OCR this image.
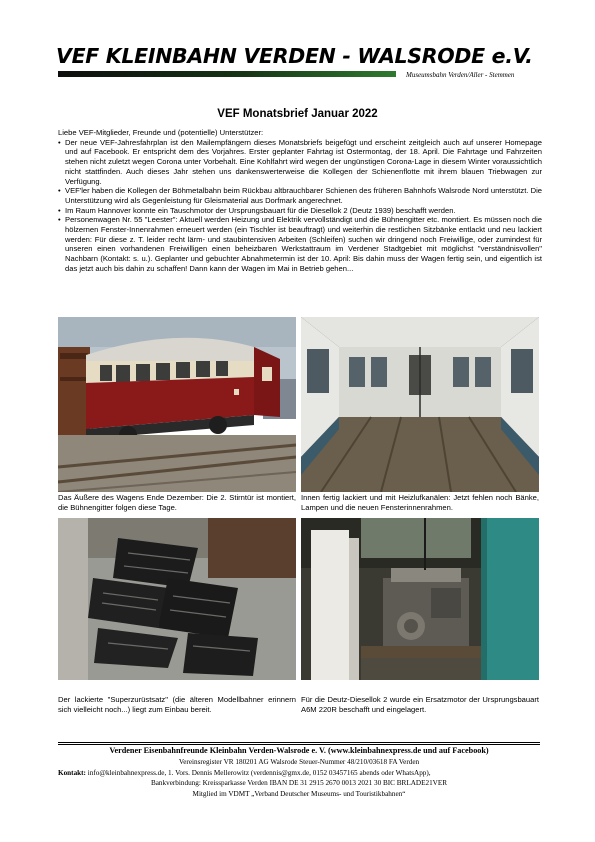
VEF KLEINBAHN VERDEN - WALSRODE e.V.
Museumsbahn Verden/Aller - Stemmen
VEF Monatsbrief Januar 2022

Liebe VEF-Mitglieder, Freunde und (potentielle) Unterstützer:

• Der neue VEF-Jahresfahrplan ist den Mailempfängern dieses Monatsbriefs beigefügt und erscheint zeitgleich auch auf unserer Homepage und auf Facebook. Er entspricht dem des Vorjahres. Erster geplanter Fahrtag ist Ostermontag, der 18. April. Die Fahrtage und Fahrzeiten stehen nicht zuletzt wegen Corona unter Vorbehalt. Eine Kohlfahrt wird wegen der ungünstigen Corona-Lage in diesem Winter voraussichtlich nicht stattfinden. Auch dieses Jahr stehen uns dankenswerterweise die Kollegen der Schienenflotte mit ihrem blauen Triebwagen zur Verfügung.
• VEF'ler haben die Kollegen der Böhmetalbahn beim Rückbau altbrauchbarer Schienen des früheren Bahnhofs Walsrode Nord unterstützt. Die Unterstützung wird als Gegenleistung für Gleismaterial aus Dorfmark angerechnet.
• Im Raum Hannover konnte ein Tauschmotor der Ursprungsbauart für die Diesellok 2 (Deutz 1939) beschafft werden.
• Personenwagen Nr. 55 "Leester": Aktuell werden Heizung und Elektrik vervollständigt und die Bühnengitter etc. montiert. Es müssen noch die hölzernen Fenster-Innenrahmen erneuert werden (ein Tischler ist beauftragt) und weiterhin die restlichen Sitzbänke entlackt und neu lackiert werden: Für diese z. T. leider recht lärm- und staubintensiven Arbeiten (Schleifen) suchen wir dringend noch Freiwillige, oder zumindest für unseren einen vorhandenen Freiwilligen einen beheizbaren Werkstattraum im Verdener Stadtgebiet mit möglichst "verständnisvollen" Nachbarn (Kontakt: s. u.). Geplanter und gebuchter Abnahmetermin ist der 10. April: Bis dahin muss der Wagen fertig sein, und eigentlich ist das jetzt auch bis dahin zu schaffen! Dann kann der Wagen im Mai in Betrieb gehen...
Das Äußere des Wagens Ende Dezember: Die 2. Stirntür ist montiert, die Bühnengitter folgen diese Tage.
Innen fertig lackiert und mit Heizlufkanälen: Jetzt fehlen noch Bänke, Lampen und die neuen Fensterinnenrahmen.
Der lackierte "Superzurüstsatz" (die älteren Modellbahner erinnern sich vielleicht noch...) liegt zum Einbau bereit.
Für die Deutz-Diesellok 2 wurde ein Ersatzmotor der Ursprungsbauart A6M 220R beschafft und eingelagert.
Verdener Eisenbahnfreunde Kleinbahn Verden-Walsrode e. V. (www.kleinbahnexpress.de und auf Facebook)
Vereinsregister VR 180201 AG Walsrode Steuer-Nummer 48/210/03618 FA Verden
Kontakt: info@kleinbahnexpress.de, 1. Vors. Dennis Mellerowitz (verdennis@gmx.de, 0152 03457165 abends oder WhatsApp),
Bankverbindung: Kreissparkasse Verden IBAN DE 31 2915 2670 0013 2021 30 BIC BRLADE21VER
Mitglied im VDMT „Verband Deutscher Museums- und Touristikbahnen“
